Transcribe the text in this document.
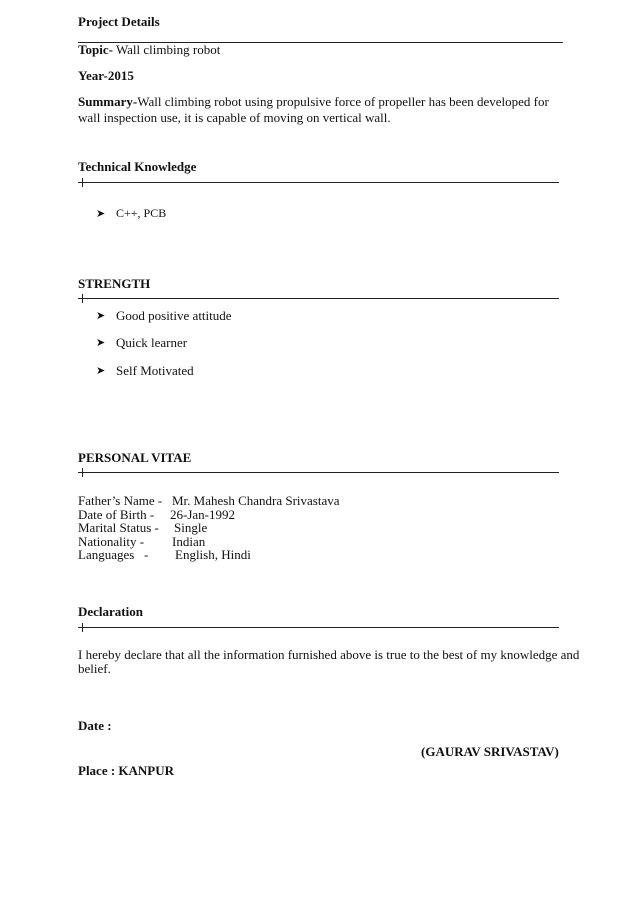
Project Details
Topic- Wall climbing robot
Year-2015
Summary-Wall climbing robot using propulsive force of propeller has been developed for
wall inspection use, it is capable of moving on vertical wall.
Technical Knowledge
➤ C++, PCB
STRENGTH
➤ Good positive attitude
➤ Quick learner
➤ Self Motivated
PERSONAL VITAE
Father’s Name - Mr. Mahesh Chandra Srivastava
Date of Birth - 26-Jan-1992
Marital Status - Single
Nationality - Indian
Languages   - English, Hindi
Declaration
I hereby declare that all the information furnished above is true to the best of my knowledge and
belief.
Date :
(GAURAV SRIVASTAV)
Place : KANPUR
